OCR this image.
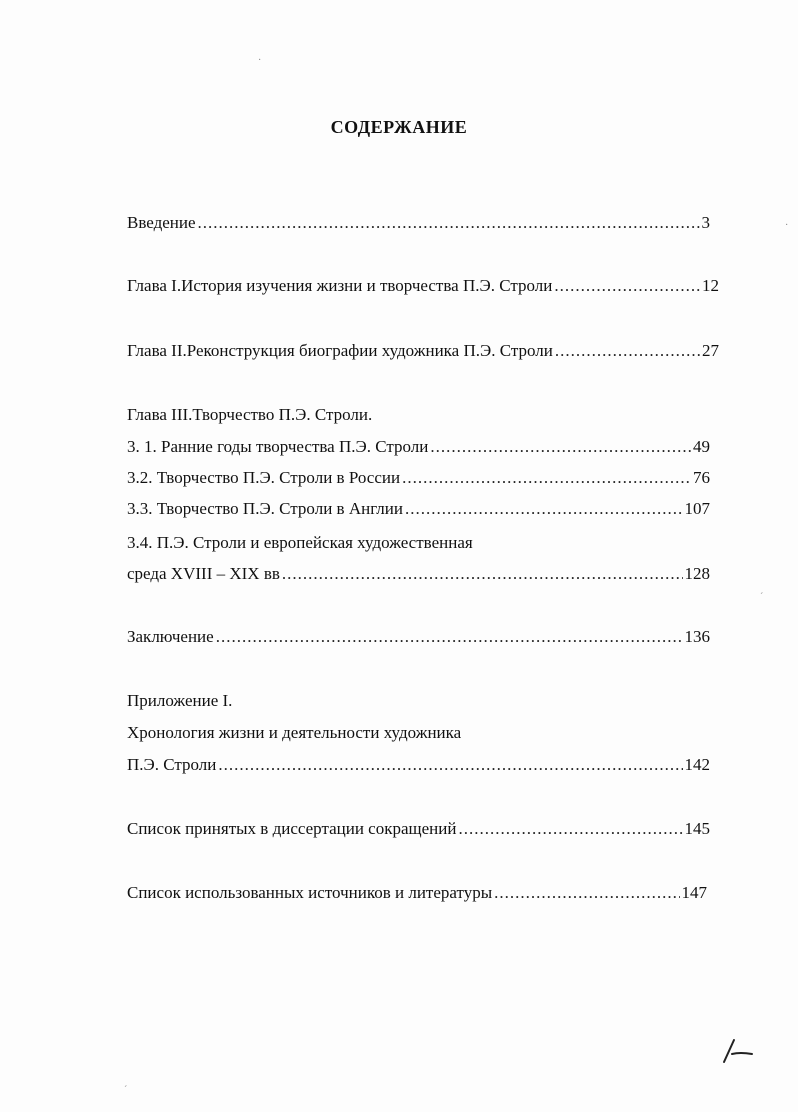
СОДЕРЖАНИЕ
Введение .....	3
Глава I.История изучения жизни и творчества П.Э. Строли .....	12
Глава II.Реконструкция биографии художника П.Э. Строли .....	27
Глава III.Творчество П.Э. Строли.
3. 1. Ранние годы творчества П.Э. Строли .....	49
3.2. Творчество П.Э. Строли в России .....	76
3.3. Творчество П.Э. Строли в Англии .....	107
3.4. П.Э. Строли и европейская художественная
среда XVIII – XIX вв .....	128
Заключение .....	136
Приложение I.
Хронология жизни и деятельности художника
П.Э. Строли .....	142
Список принятых в диссертации сокращений .....	145
Список использованных источников и литературы .....	147
·
ˊ
ˊ
·
